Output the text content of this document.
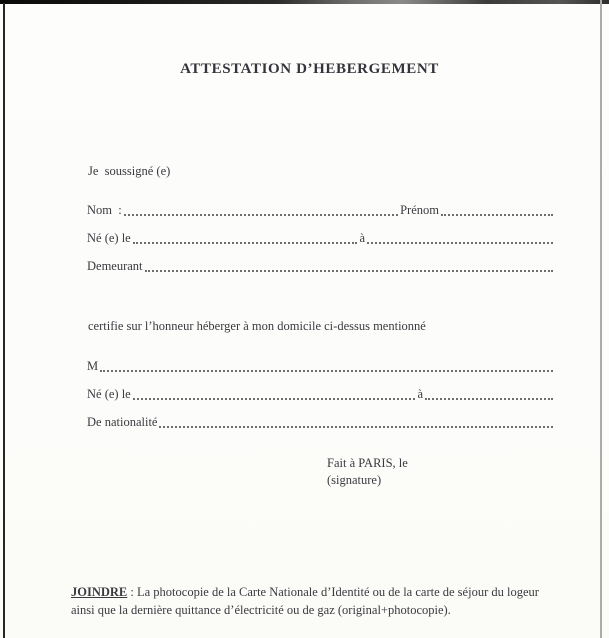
ATTESTATION D’HEBERGEMENT
Je  soussigné (e)
Nom  :	Prénom
Né (e) le	à
Demeurant
certifie sur l’honneur héberger à mon domicile ci-dessus mentionné
M
Né (e) le	à
De nationalité
Fait à PARIS, le
(signature)
JOINDRE : La photocopie de la Carte Nationale d’Identité ou de la carte de séjour du logeur
ainsi que la dernière quittance d’électricité ou de gaz (original+photocopie).
